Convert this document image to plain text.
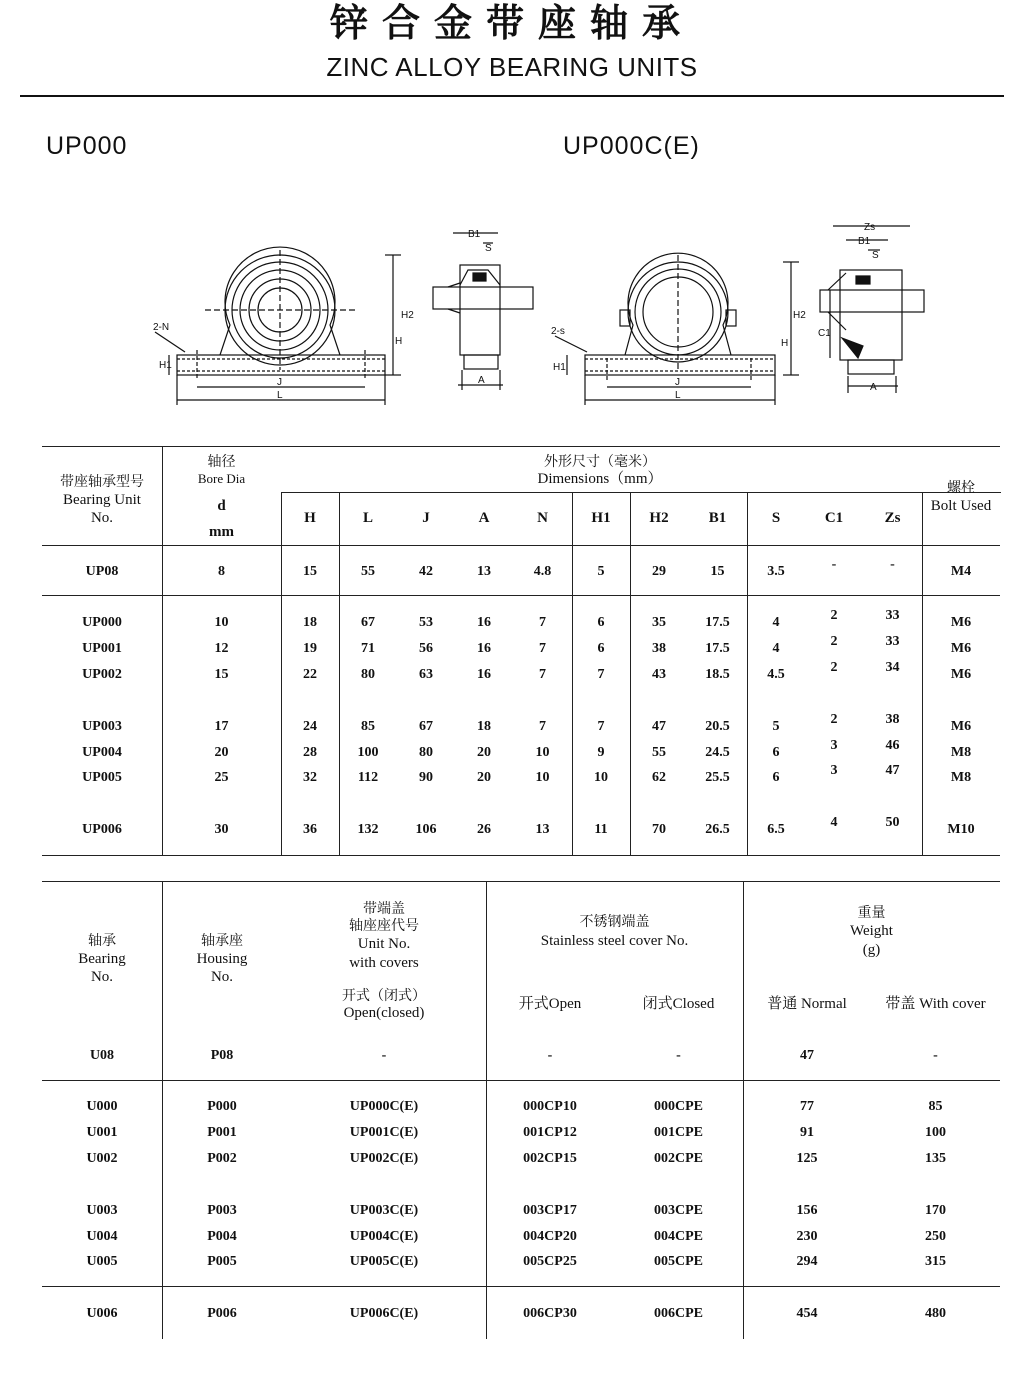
锌合金带座轴承
ZINC ALLOY BEARING UNITS
UP000	UP000C(E)
2-N
H1
H2
H
J
L
B1
S
A
2-s
H1
H2
H
J
L
Zs
B1
S
C1
A
带座轴承型号
Bearing Unit
No.
轴径
Bore Dia
d
mm
外形尺寸（毫米）
Dimensions（mm）
螺栓
Bolt Used
H	L	J	A	N	H1	H2	B1	S	C1	Zs
UP08	8	15	55	42	13	4.8	5	29	15	3.5	-	-	M4
UP000	10	18	67	53	16	7	6	35	17.5	4	2	33	M6
UP001	12	19	71	56	16	7	6	38	17.5	4	2	33	M6
UP002	15	22	80	63	16	7	7	43	18.5	4.5	2	34	M6
UP003	17	24	85	67	18	7	7	47	20.5	5	2	38	M6
UP004	20	28	100	80	20	10	9	55	24.5	6	3	46	M8
UP005	25	32	112	90	20	10	10	62	25.5	6	3	47	M8
UP006	30	36	132	106	26	13	11	70	26.5	6.5	4	50	M10
轴承
Bearing
No.
轴承座
Housing
No.
带端盖
轴座座代号
Unit No.
with covers
开式（闭式）
Open(closed)
不锈钢端盖
Stainless steel cover No.
开式Open	闭式Closed
重量
Weight
(g)
普通 Normal	带盖 With cover
U08	P08	-	-	-	47	-
U000	P000	UP000C(E)	000CP10	000CPE	77	85
U001	P001	UP001C(E)	001CP12	001CPE	91	100
U002	P002	UP002C(E)	002CP15	002CPE	125	135
U003	P003	UP003C(E)	003CP17	003CPE	156	170
U004	P004	UP004C(E)	004CP20	004CPE	230	250
U005	P005	UP005C(E)	005CP25	005CPE	294	315
U006	P006	UP006C(E)	006CP30	006CPE	454	480
